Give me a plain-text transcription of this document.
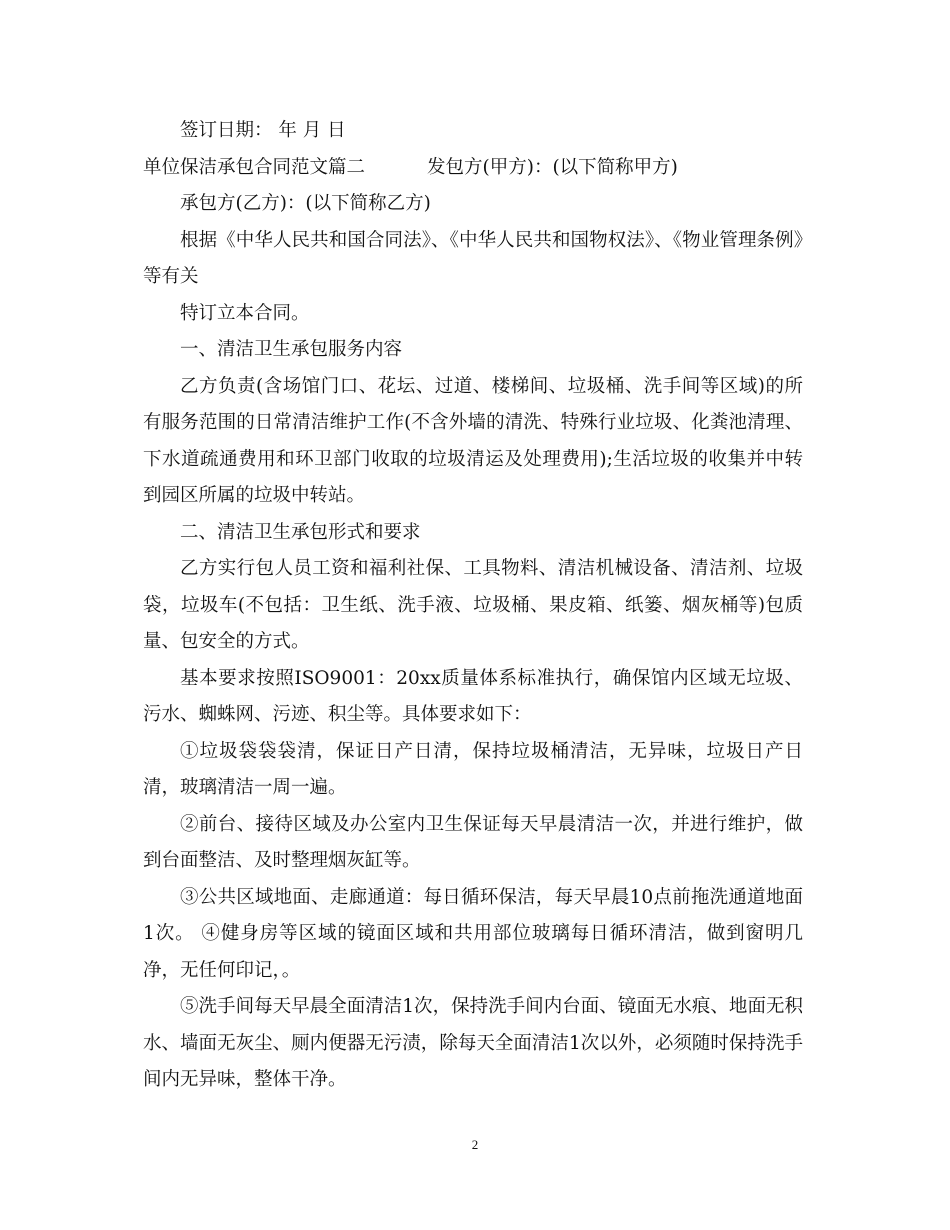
签订日期： 年 月 日

单位保洁承包合同范文篇二	发包方(甲方)：(以下简称甲方)

承包方(乙方)：(以下简称乙方)

根据《中华人民共和国合同法》、《中华人民共和国物权法》、《物业管理条例》等有关

特订立本合同。

一、清洁卫生承包服务内容

乙方负责(含场馆门口、花坛、过道、楼梯间、垃圾桶、洗手间等区域)的所有服务范围的日常清洁维护工作(不含外墙的清洗、特殊行业垃圾、化粪池清理、下水道疏通费用和环卫部门收取的垃圾清运及处理费用);生活垃圾的收集并中转到园区所属的垃圾中转站。

二、清洁卫生承包形式和要求

乙方实行包人员工资和福利社保、工具物料、清洁机械设备、清洁剂、垃圾袋，垃圾车(不包括：卫生纸、洗手液、垃圾桶、果皮箱、纸篓、烟灰桶等)包质量、包安全的方式。

基本要求按照ISO9001：20xx质量体系标准执行，确保馆内区域无垃圾、污水、蜘蛛网、污迹、积尘等。具体要求如下：

①垃圾袋袋袋清，保证日产日清，保持垃圾桶清洁，无异味，垃圾日产日清，玻璃清洁一周一遍。

②前台、接待区域及办公室内卫生保证每天早晨清洁一次，并进行维护，做到台面整洁、及时整理烟灰缸等。

③公共区域地面、走廊通道：每日循环保洁，每天早晨10点前拖洗通道地面1次。 ④健身房等区域的镜面区域和共用部位玻璃每日循环清洁，做到窗明几净，无任何印记，。

⑤洗手间每天早晨全面清洁1次，保持洗手间内台面、镜面无水痕、地面无积水、墙面无灰尘、厕内便器无污渍，除每天全面清洁1次以外，必须随时保持洗手间内无异味，整体干净。

2
